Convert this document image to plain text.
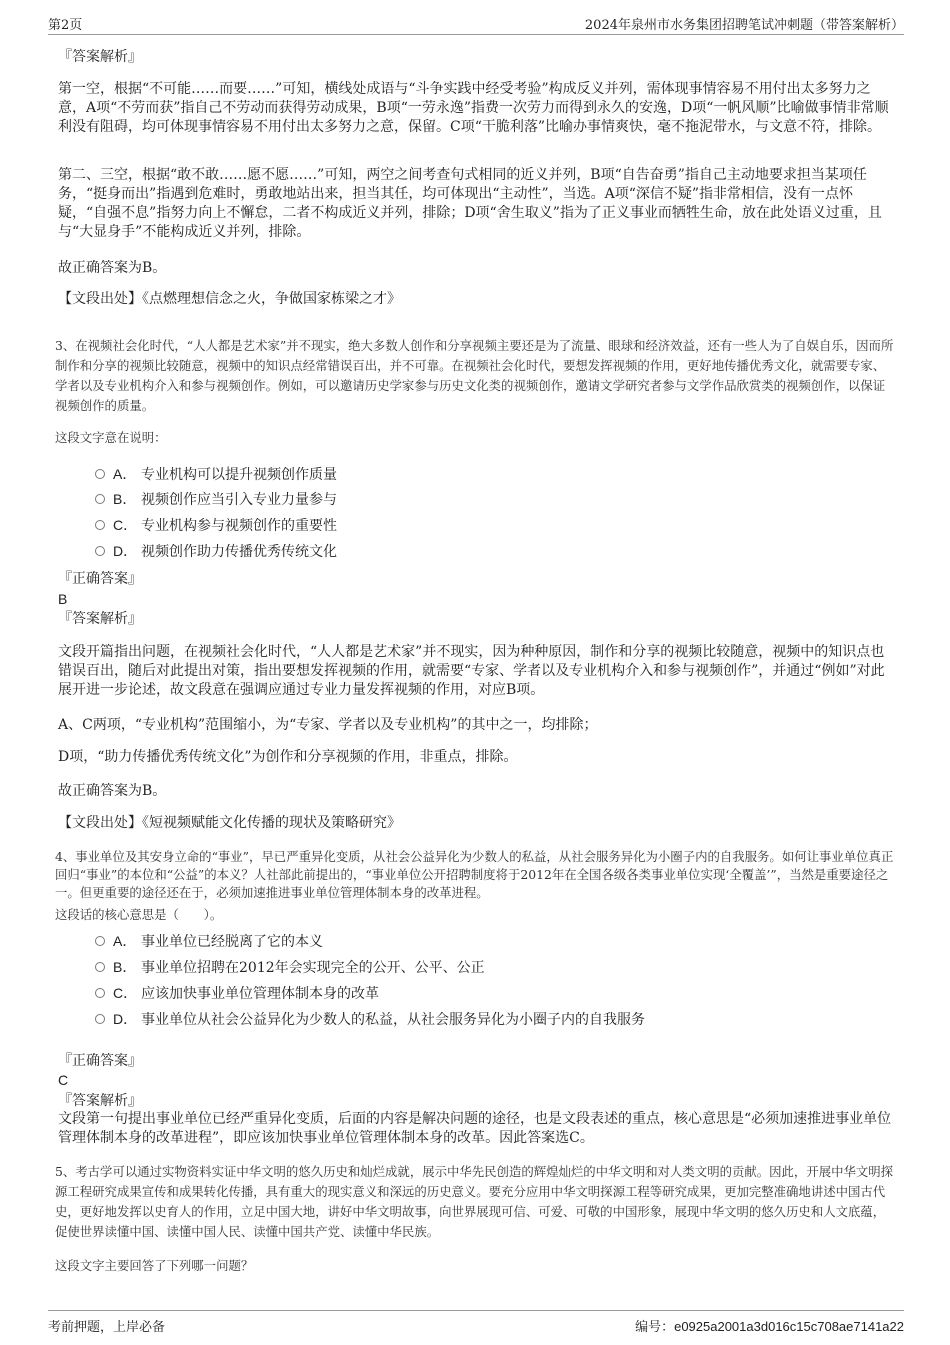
第2页	2024年泉州市水务集团招聘笔试冲刺题（带答案解析）
『答案解析』

第一空，根据“不可能……而要……”可知，横线处成语与“斗争实践中经受考验”构成反义并列，需体现事情容易不用付出太多努力之意，A项“不劳而获”指自己不劳动而获得劳动成果，B项“一劳永逸”指费一次劳力而得到永久的安逸，D项“一帆风顺”比喻做事情非常顺利没有阻碍，均可体现事情容易不用付出太多努力之意，保留。C项“干脆利落”比喻办事情爽快，毫不拖泥带水，与文意不符，排除。

第二、三空，根据“敢不敢……愿不愿……”可知，两空之间考查句式相同的近义并列，B项“自告奋勇”指自己主动地要求担当某项任务，“挺身而出”指遇到危难时，勇敢地站出来，担当其任，均可体现出“主动性”，当选。A项“深信不疑”指非常相信，没有一点怀疑，“自强不息”指努力向上不懈怠，二者不构成近义并列，排除；D项“舍生取义”指为了正义事业而牺牲生命，放在此处语义过重，且与“大显身手”不能构成近义并列，排除。

故正确答案为B。
【文段出处】《点燃理想信念之火，争做国家栋梁之才》

3、在视频社会化时代，“人人都是艺术家”并不现实，绝大多数人创作和分享视频主要还是为了流量、眼球和经济效益，还有一些人为了自娱自乐，因而所制作和分享的视频比较随意，视频中的知识点经常错误百出，并不可靠。在视频社会化时代，要想发挥视频的作用，更好地传播优秀文化，就需要专家、学者以及专业机构介入和参与视频创作。例如，可以邀请历史学家参与历史文化类的视频创作，邀请文学研究者参与文学作品欣赏类的视频创作，以保证视频创作的质量。

这段文字意在说明：
A． 专业机构可以提升视频创作质量
B． 视频创作应当引入专业力量参与
C． 专业机构参与视频创作的重要性
D． 视频创作助力传播优秀传统文化
『正确答案』
B
『答案解析』

文段开篇指出问题，在视频社会化时代，“人人都是艺术家”并不现实，因为种种原因，制作和分享的视频比较随意，视频中的知识点也错误百出，随后对此提出对策，指出要想发挥视频的作用，就需要“专家、学者以及专业机构介入和参与视频创作”，并通过“例如”对此展开进一步论述，故文段意在强调应通过专业力量发挥视频的作用，对应B项。

A、C两项，“专业机构”范围缩小，为“专家、学者以及专业机构”的其中之一，均排除；
D项，“助力传播优秀传统文化”为创作和分享视频的作用，非重点，排除。
故正确答案为B。
【文段出处】《短视频赋能文化传播的现状及策略研究》

4、事业单位及其安身立命的“事业”，早已严重异化变质，从社会公益异化为少数人的私益，从社会服务异化为小圈子内的自我服务。如何让事业单位真正回归“事业”的本位和“公益”的本义？人社部此前提出的，“事业单位公开招聘制度将于2012年在全国各级各类事业单位实现‘全覆盖’”，当然是重要途径之一。但更重要的途径还在于，必须加速推进事业单位管理体制本身的改革进程。

这段话的核心意思是（　　）。
A． 事业单位已经脱离了它的本义
B． 事业单位招聘在2012年会实现完全的公开、公平、公正
C． 应该加快事业单位管理体制本身的改革
D． 事业单位从社会公益异化为少数人的私益，从社会服务异化为小圈子内的自我服务
『正确答案』
C
『答案解析』

文段第一句提出事业单位已经严重异化变质，后面的内容是解决问题的途径，也是文段表述的重点，核心意思是“必须加速推进事业单位管理体制本身的改革进程”，即应该加快事业单位管理体制本身的改革。因此答案选C。

5、考古学可以通过实物资料实证中华文明的悠久历史和灿烂成就，展示中华先民创造的辉煌灿烂的中华文明和对人类文明的贡献。因此，开展中华文明探源工程研究成果宣传和成果转化传播，具有重大的现实意义和深远的历史意义。要充分应用中华文明探源工程等研究成果，更加完整准确地讲述中国古代史，更好地发挥以史育人的作用，立足中国大地，讲好中华文明故事，向世界展现可信、可爱、可敬的中国形象，展现中华文明的悠久历史和人文底蕴，促使世界读懂中国、读懂中国人民、读懂中国共产党、读懂中华民族。

这段文字主要回答了下列哪一问题？
考前押题，上岸必备	编号：e0925a2001a3d016c15c708ae7141a22
